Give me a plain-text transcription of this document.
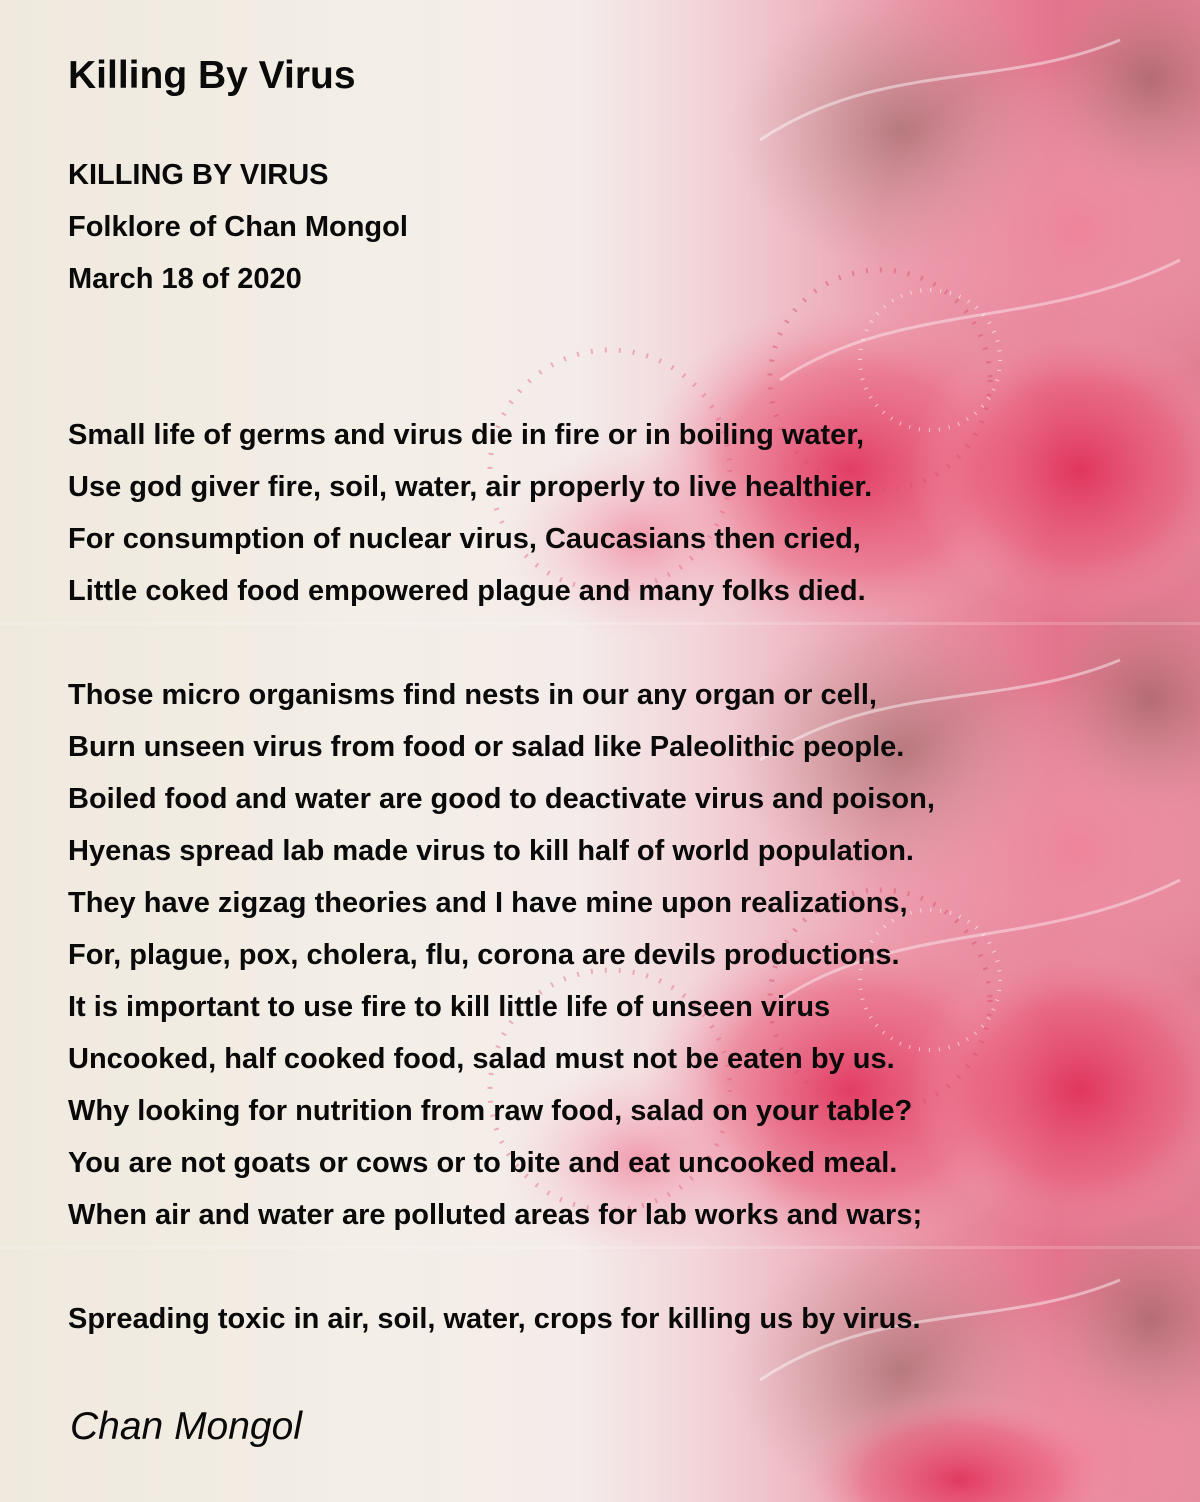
Killing By Virus

KILLING BY VIRUS

Folklore of Chan Mongol

March 18 of 2020

Small life of germs and virus die in fire or in boiling water,

Use god giver fire, soil, water, air properly to live healthier.

For consumption of nuclear virus, Caucasians then cried,

Little coked food empowered plague and many folks died.

Those micro organisms find nests in our any organ or cell,

Burn unseen virus from food or salad like Paleolithic people.

Boiled food and water are good to deactivate virus and poison,

Hyenas spread lab made virus to kill half of world population.

They have zigzag theories and I have mine upon realizations,

For, plague, pox, cholera, flu, corona are devils productions.

It is important to use fire to kill little life of unseen virus

Uncooked, half cooked food, salad must not be eaten by us.

Why looking for nutrition from raw food, salad on your table?

You are not goats or cows or to bite and eat uncooked meal.

When air and water are polluted areas for lab works and wars;

Spreading toxic in air, soil, water, crops for killing us by virus.

Chan Mongol
